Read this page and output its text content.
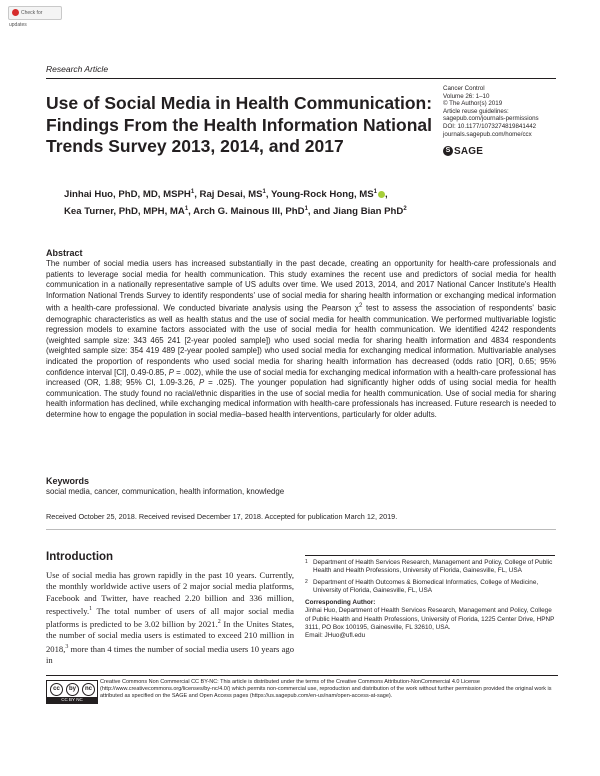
Check for updates
Research Article
Use of Social Media in Health Communication: Findings From the Health Information National Trends Survey 2013, 2014, and 2017
Cancer Control
Volume 26: 1–10
© The Author(s) 2019
Article reuse guidelines:
sagepub.com/journals-permissions
DOI: 10.1177/1073274819841442
journals.sagepub.com/home/ccx
S SAGE
Jinhai Huo, PhD, MD, MSPH$^1$, Raj Desai, $MS^1$, Young-Rock Hong, $MS^1$ ,
Kea Turner, PhD, MPH, $MA^1$, Arch G. Mainous III, PhD$^1$, and Jiang Bian PhD$^2$
Abstract
The number of social media users has increased substantially in the past decade, creating an opportunity for health-care professionals and patients to leverage social media for health communication. This study examines the recent use and predictors of social media for health communication in a nationally representative sample of US adults over time. We used 2013, 2014, and 2017 National Cancer Institute's Health Information National Trends Survey to identify respondents' use of social media for sharing health information or exchanging medical information with a health-care professional. We conducted bivariate analysis using the Pearson $\chi^2$ test to assess the association of respondents' basic demographic characteristics as well as health status and the use of social media for health communication. We performed multivariable logistic regression models to examine factors associated with the use of social media for health communication. We identified 4242 respondents (weighted sample size: 343 465 241 [2-year pooled sample]) who used social media for sharing health information and 4834 respondents (weighted sample size: 354 419 489 [2-year pooled sample]) who used social media for exchanging medical information. Multivariable analyses indicated the proportion of respondents who used social media for sharing health information has decreased (odds ratio [OR], 0.65; 95% confidence interval [CI], 0.49-0.85, P = .002), while the use of social media for exchanging medical information with a health-care professional has increased (OR, 1.88; 95% CI, 1.09-3.26, P = .025). The younger population had significantly higher odds of using social media for health communication. The study found no racial/ethnic disparities in the use of social media for health communication. Use of social media for sharing health information has declined, while exchanging medical information with health-care professionals has increased. Future research is needed to determine how to engage the population in social media–based health interventions, particularly for older adults.
Keywords
social media, cancer, communication, health information, knowledge
Received October 25, 2018. Received revised December 17, 2018. Accepted for publication March 12, 2019.
Introduction
Use of social media has grown rapidly in the past 10 years. Currently, the monthly worldwide active users of 2 major social media platforms, Facebook and Twitter, have reached 2.20 billion and 336 million, respectively.$^1$ The total number of users of all major social media platforms is predicted to be 3.02 billion by 2021.$^2$ In the Unites States, the number of social media users is estimated to exceed 210 million in 2018,$^3$ more than 4 times the number of social media users 10 years ago in
1 Department of Health Services Research, Management and Policy, College of Public Health and Health Professions, University of Florida, Gainesville, FL, USA
2 Department of Health Outcomes & Biomedical Informatics, College of Medicine, University of Florida, Gainesville, FL, USA
Corresponding Author:
Jinhai Huo, Department of Health Services Research, Management and Policy, College of Public Health and Health Professions, University of Florida, 1225 Center Drive, HPNP 3111, PO Box 100195, Gainesville, FL 32610, USA.
Email: JHuo@ufl.edu
cc	by	nc
CC BY NC
Creative Commons Non Commercial CC BY-NC: This article is distributed under the terms of the Creative Commons Attribution-NonCommercial 4.0 License (http://www.creativecommons.org/licenses/by-nc/4.0/) which permits non-commercial use, reproduction and distribution of the work without further permission provided the original work is attributed as specified on the SAGE and Open Access pages (https://us.sagepub.com/en-us/nam/open-access-at-sage).
